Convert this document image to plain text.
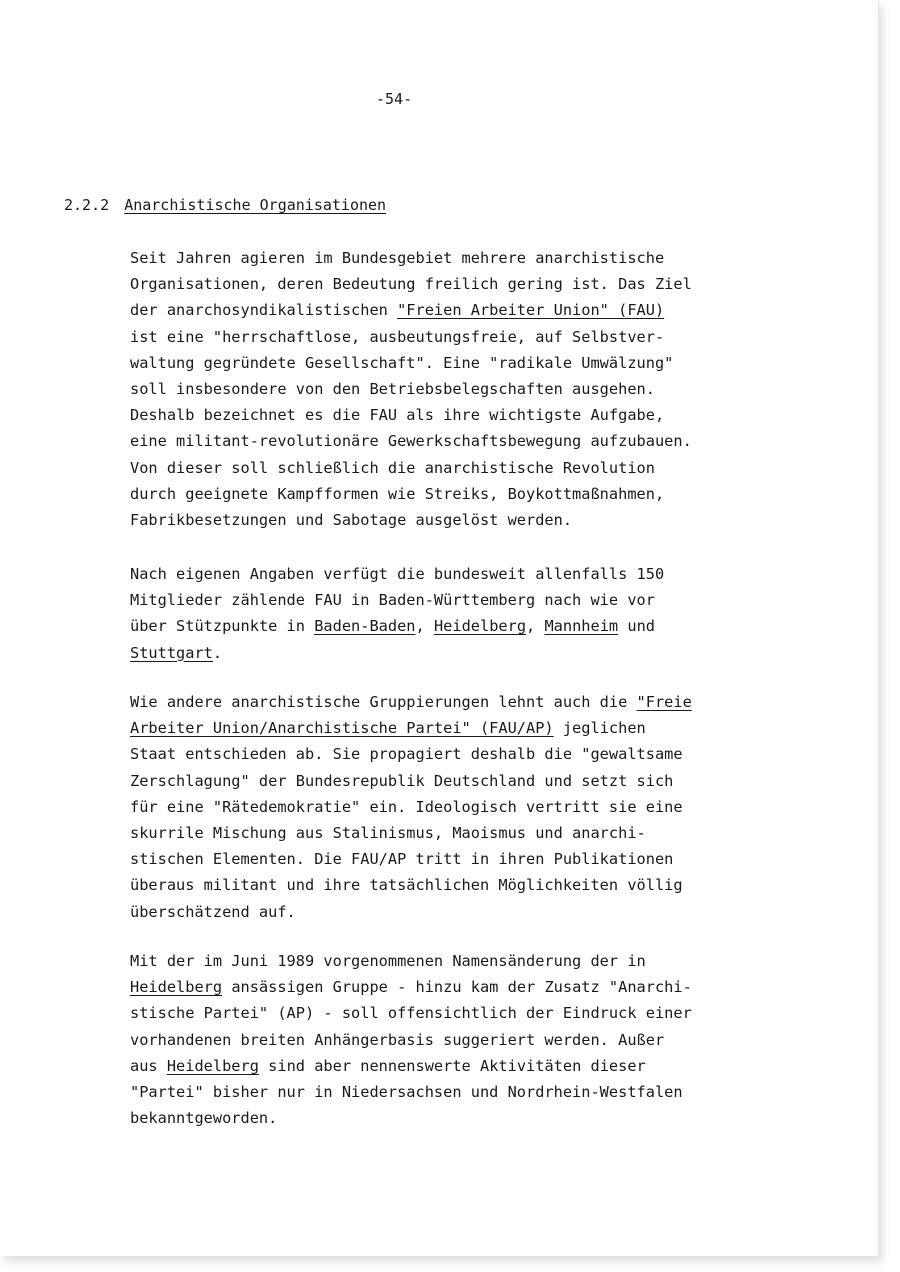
-54-
2.2.2 Anarchistische Organisationen
Seit Jahren agieren im Bundesgebiet mehrere anarchistische
Organisationen, deren Bedeutung freilich gering ist. Das Ziel
der anarchosyndikalistischen "Freien Arbeiter Union" (FAU)
ist eine "herrschaftlose, ausbeutungsfreie, auf Selbstver-
waltung gegründete Gesellschaft". Eine "radikale Umwälzung"
soll insbesondere von den Betriebsbelegschaften ausgehen.
Deshalb bezeichnet es die FAU als ihre wichtigste Aufgabe,
eine militant-revolutionäre Gewerkschaftsbewegung aufzubauen.
Von dieser soll schließlich die anarchistische Revolution
durch geeignete Kampfformen wie Streiks, Boykottmaßnahmen,
Fabrikbesetzungen und Sabotage ausgelöst werden.
Nach eigenen Angaben verfügt die bundesweit allenfalls 150
Mitglieder zählende FAU in Baden-Württemberg nach wie vor
über Stützpunkte in Baden-Baden, Heidelberg, Mannheim und
Stuttgart.
Wie andere anarchistische Gruppierungen lehnt auch die "Freie
Arbeiter Union/Anarchistische Partei" (FAU/AP) jeglichen
Staat entschieden ab. Sie propagiert deshalb die "gewaltsame
Zerschlagung" der Bundesrepublik Deutschland und setzt sich
für eine "Rätedemokratie" ein. Ideologisch vertritt sie eine
skurrile Mischung aus Stalinismus, Maoismus und anarchi-
stischen Elementen. Die FAU/AP tritt in ihren Publikationen
überaus militant und ihre tatsächlichen Möglichkeiten völlig
überschätzend auf.
Mit der im Juni 1989 vorgenommenen Namensänderung der in
Heidelberg ansässigen Gruppe - hinzu kam der Zusatz "Anarchi-
stische Partei" (AP) - soll offensichtlich der Eindruck einer
vorhandenen breiten Anhängerbasis suggeriert werden. Außer
aus Heidelberg sind aber nennenswerte Aktivitäten dieser
"Partei" bisher nur in Niedersachsen und Nordrhein-Westfalen
bekanntgeworden.
